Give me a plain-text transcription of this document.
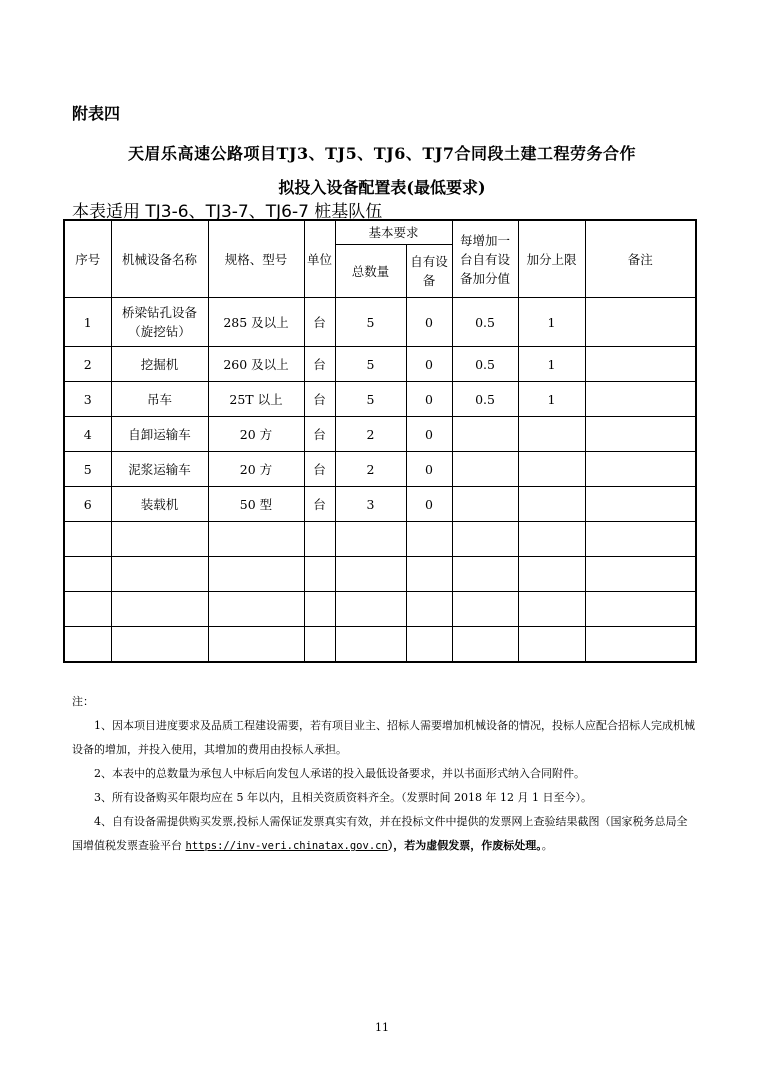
附表四
天眉乐高速公路项目TJ3、TJ5、TJ6、TJ7合同段土建工程劳务合作
拟投入设备配置表(最低要求)
本表适用 TJ3-6、TJ3-7、TJ6-7 桩基队伍
序号	机械设备名称	规格、型号	单位	基本要求		每增加一台自有设备加分值	加分上限	备注
				总数量	自有设备			
1	桥梁钻孔设备（旋挖钻）	285 及以上	台	5	0	0.5	1	
2	挖掘机	260 及以上	台	5	0	0.5	1	
3	吊车	25T 以上	台	5	0	0.5	1	
4	自卸运输车	20 方	台	2	0			
5	泥浆运输车	20 方	台	2	0			
6	装载机	50 型	台	3	0			

注：

1、因本项目进度要求及品质工程建设需要，若有项目业主、招标人需要增加机械设备的情况，投标人应配合招标人完成机械设备的增加，并投入使用，其增加的费用由投标人承担。

2、本表中的总数量为承包人中标后向发包人承诺的投入最低设备要求，并以书面形式纳入合同附件。

3、所有设备购买年限均应在 5 年以内，且相关资质资料齐全。（发票时间 2018 年 12 月 1 日至今）。

4、自有设备需提供购买发票,投标人需保证发票真实有效，并在投标文件中提供的发票网上查验结果截图（国家税务总局全国增值税发票查验平台 https://inv-veri.chinatax.gov.cn），若为虚假发票，作废标处理。。

11
